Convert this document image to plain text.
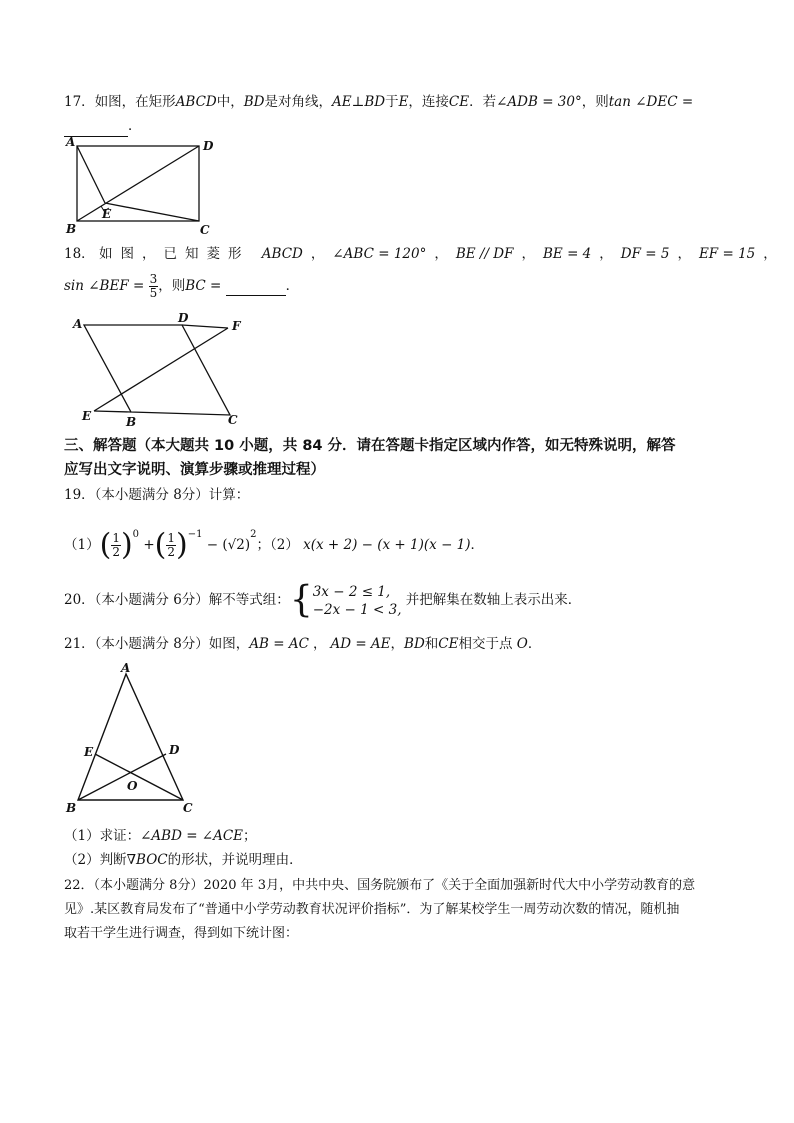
17．如图，在矩形ABCD中，BD是对角线，AE⊥BD于E，连接CE．若∠ADB = 30°，则tan ∠DEC =
．
A	D
B
E
C
18． 如图，已知菱形 ABCD ， ∠ABC = 120° ， BE // DF ， BE = 4 ， DF = 5 ， EF = 15 ，
sin ∠BEF = $\frac{3}{5}$ ，则BC =	．
A	D
F
E	B	C
三、解答题（本大题共 10 小题，共 84 分．请在答题卡指定区域内作答，如无特殊说明，解答
应写出文字说明、演算步骤或推理过程）
19．（本小题满分 8分）计算：
$(1)( \frac{1}{2} )^0$ +( $\frac{1}{2} )^{-1} - (√2)^2$；（2） x(x + 2) − (x + 1)(x − 1)．
20．（本小题满分 6分）解不等式组：{ 3x − 2 ≤ 1,
−2x − 1 < 3,
并把解集在数轴上表示出来．
21．（本小题满分 8分）如图，AB = AC ， AD = AE，BD和CE相交于点 O．
A
E	D
O
B	C
（1）求证：∠ABD = ∠ACE；
（2）判断∇BOC的形状，并说明理由．
22．（本小题满分 8分）2020 年 3月，中共中央、国务院颁布了《关于全面加强新时代大中小学劳动教育的意
见》.某区教育局发布了“普通中小学劳动教育状况评价指标”．为了解某校学生一周劳动次数的情况，随机抽
取若干学生进行调查，得到如下统计图：
